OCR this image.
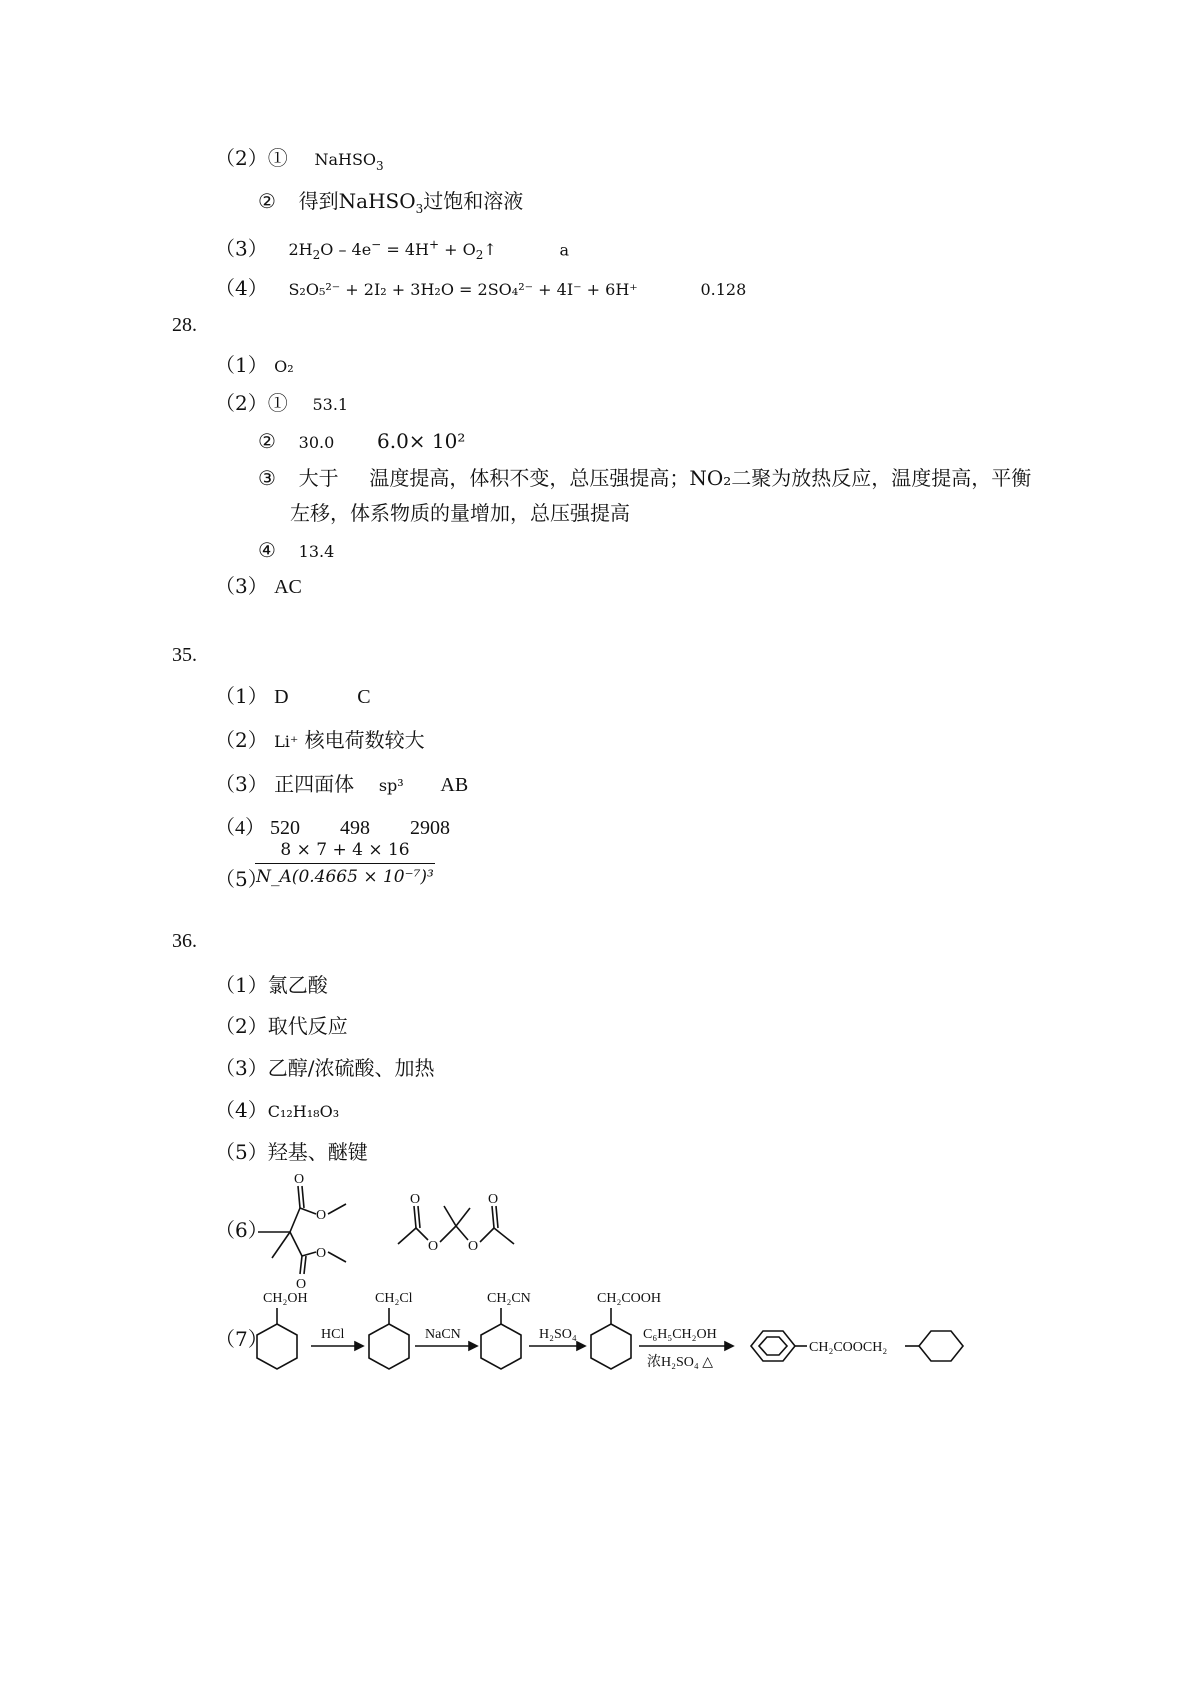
（2）① NaHSO$_3$
② 得到NaHSO$_3$过饱和溶液
（3） $2H_2O - 4e^- = 4H^+$ + $O_2↑$	a
（4） S₂O₅²⁻ + 2I₂ + 3H₂O = 2SO₄²⁻ + 4I⁻ + 6H⁺	0.128
28.
（1） O₂
（2）① 53.1
② 30.0 6.0× 10²
③ 大于 温度提高，体积不变，总压强提高；NO₂二聚为放热反应，温度提高，平衡
左移，体系物质的量增加，总压强提高
④ 13.4
（3） AC
35.
（1） D	C
（2） Li⁺ 核电荷数较大
（3） 正四面体 sp³ AB
（4） 520 498 2908
（5）
$\frac{8 \times 7 + 4 \times 16}{\text{N\_A(0.4665 × 10⁻⁷)³}}$
36.
（1）氯乙酸
（2）取代反应
（3）乙醇/浓硫酸、加热
（4）C₁₂H₁₈O₃
（5）羟基、醚键
（6）
O
O
O
O
O
O O
O
（7）
CH₂OH
HCl
CH₂Cl
NaCN
CH₂CN
H₂SO₄
CH₂COOH
C₆H₅CH₂OH
浓H₂SO₄ △
CH₂COOCH₂
